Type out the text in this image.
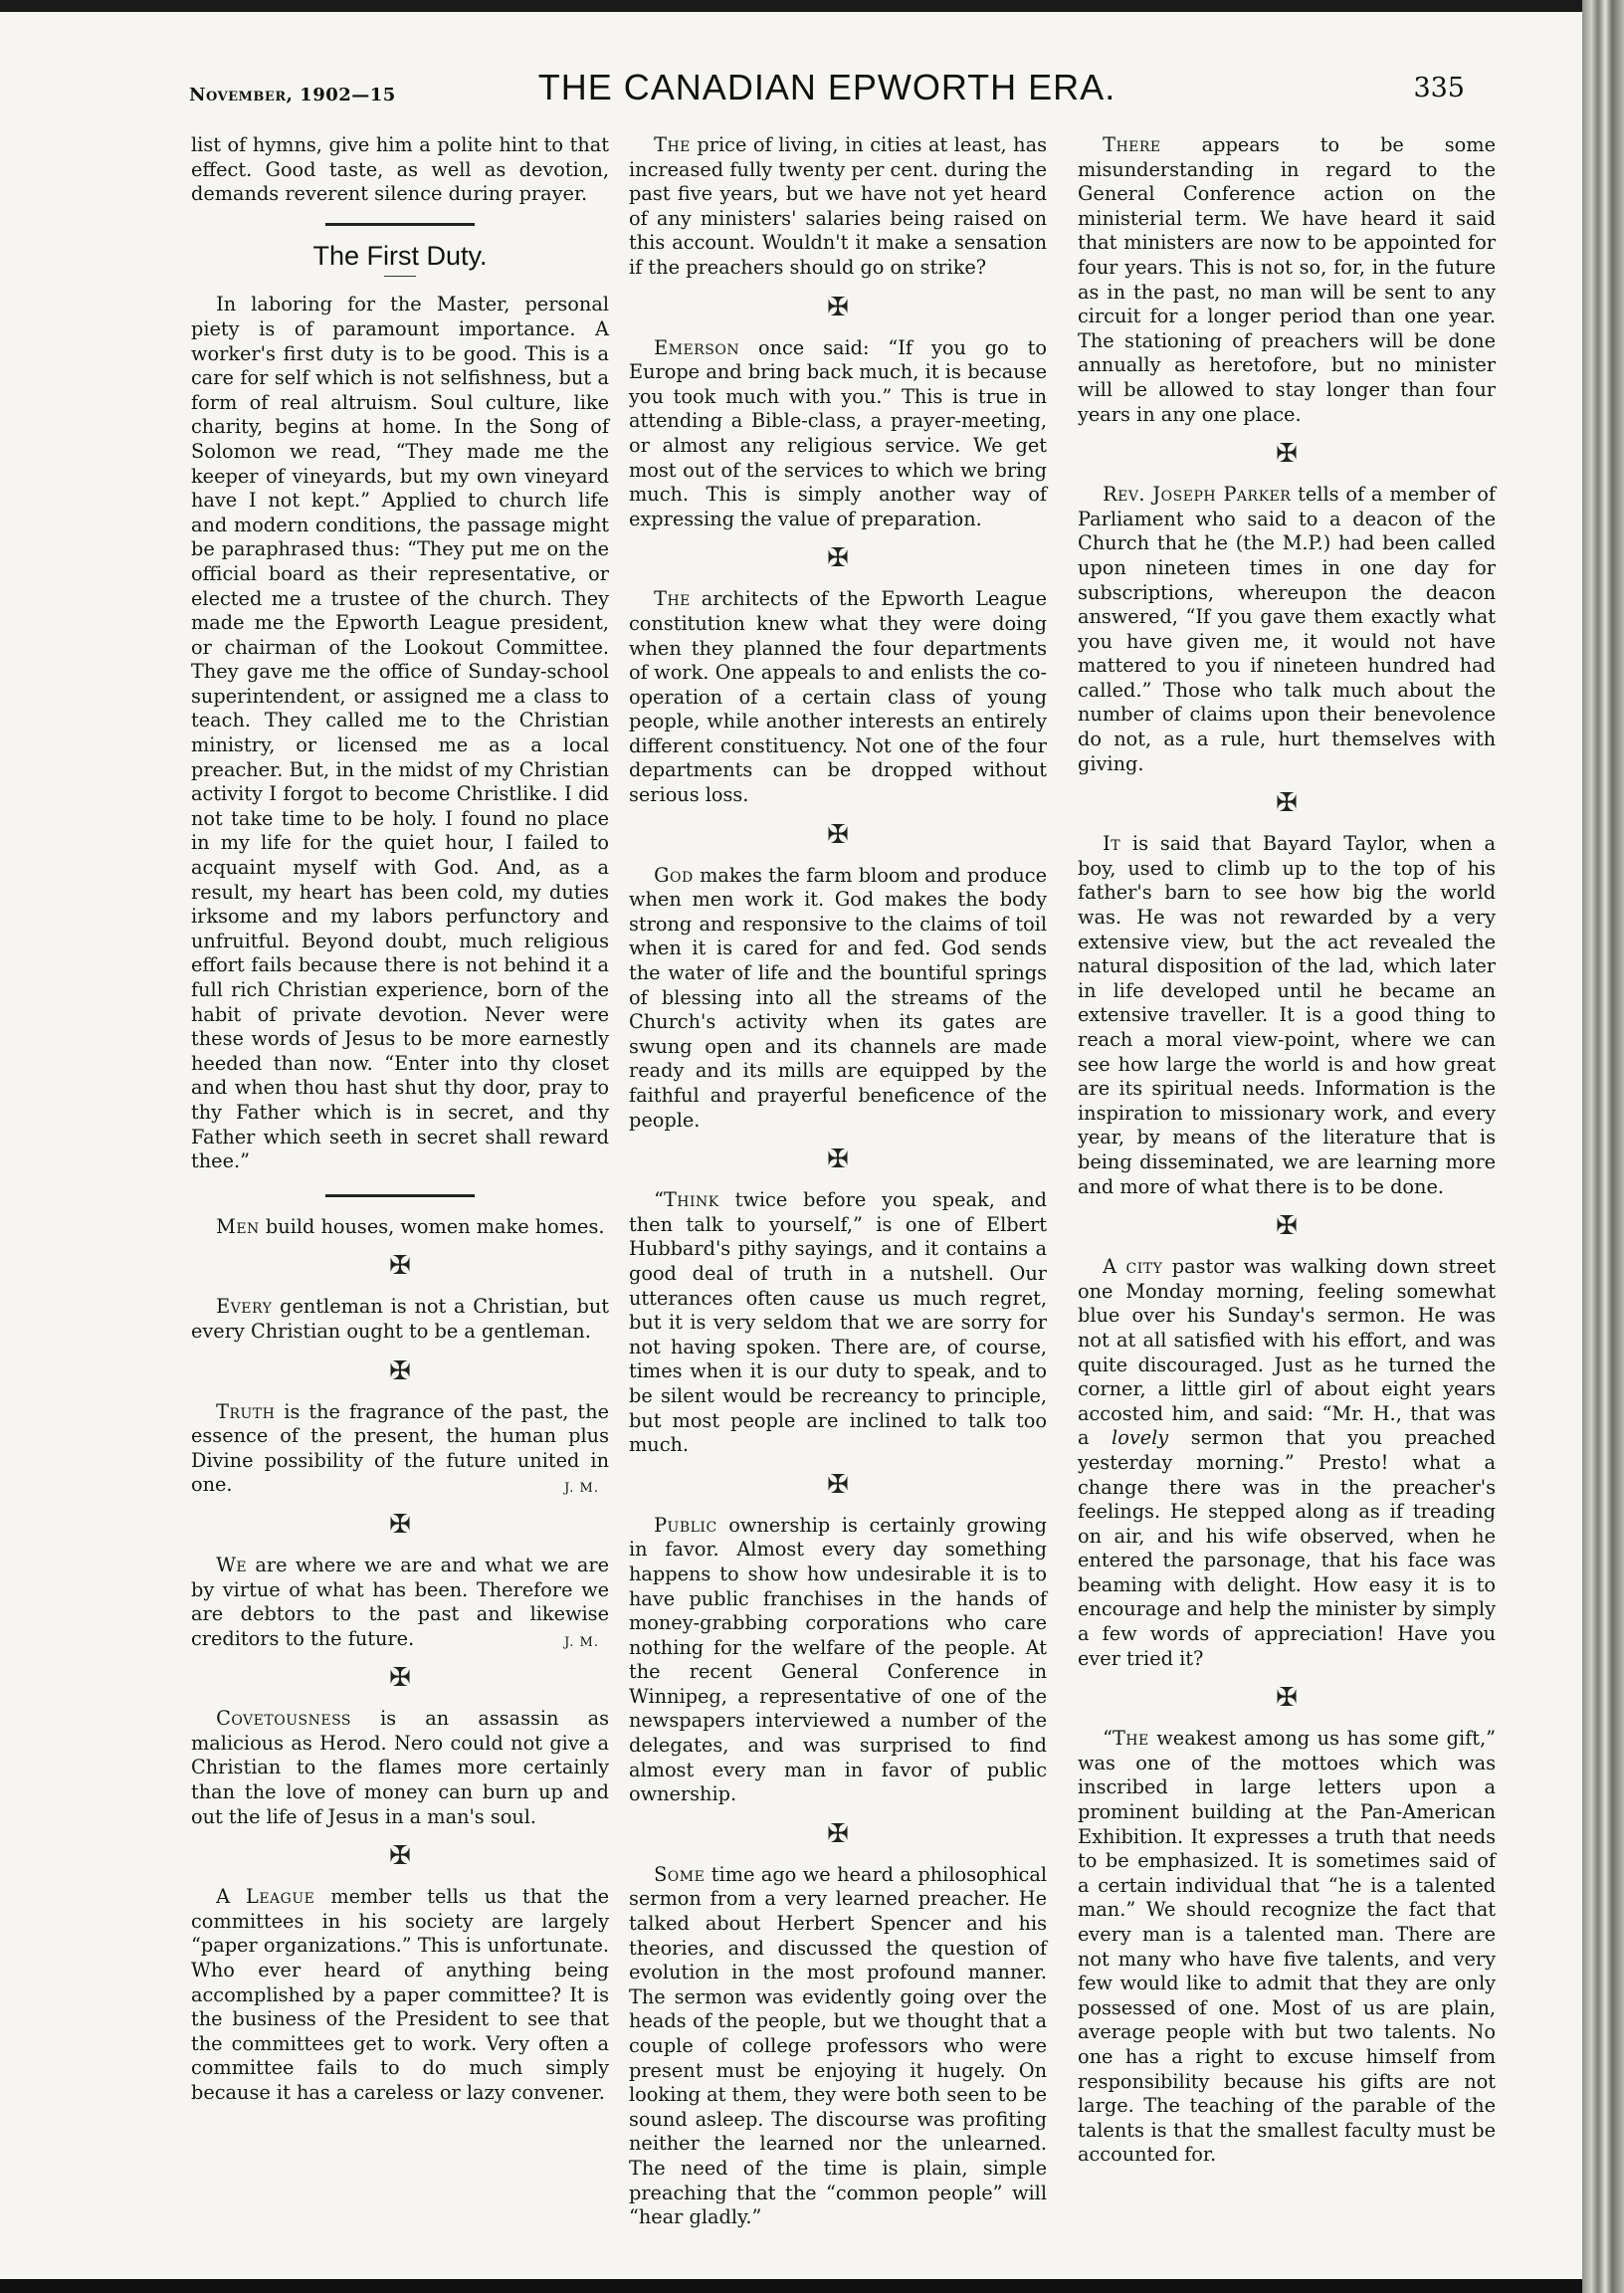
November, 1902—15	THE CANADIAN EPWORTH ERA.	335

list of hymns, give him a polite hint to that effect. Good taste, as well as devotion, demands reverent silence during prayer.

The First Duty.

In laboring for the Master, personal piety is of paramount importance. A worker's first duty is to be good. This is a care for self which is not selfishness, but a form of real altruism. Soul culture, like charity, begins at home. In the Song of Solomon we read, “They made me the keeper of vineyards, but my own vineyard have I not kept.” Applied to church life and modern conditions, the passage might be paraphrased thus: “They put me on the official board as their representative, or elected me a trustee of the church. They made me the Epworth League president, or chairman of the Lookout Committee. They gave me the office of Sunday-school superintendent, or assigned me a class to teach. They called me to the Christian ministry, or licensed me as a local preacher. But, in the midst of my Christian activity I forgot to become Christlike. I did not take time to be holy. I found no place in my life for the quiet hour, I failed to acquaint myself with God. And, as a result, my heart has been cold, my duties irksome and my labors perfunctory and unfruitful. Beyond doubt, much religious effort fails because there is not behind it a full rich Christian experience, born of the habit of private devotion. Never were these words of Jesus to be more earnestly heeded than now. “Enter into thy closet and when thou hast shut thy door, pray to thy Father which is in secret, and thy Father which seeth in secret shall reward thee.”

Men build houses, women make homes.

✠

Every gentleman is not a Christian, but every Christian ought to be a gentleman.

✠

Truth is the fragrance of the past, the essence of the present, the human plus Divine possibility of the future united in one.	J. M.

✠

We are where we are and what we are by virtue of what has been. Therefore we are debtors to the past and likewise creditors to the future.	J. M.

✠

Covetousness is an assassin as malicious as Herod. Nero could not give a Christian to the flames more certainly than the love of money can burn up and out the life of Jesus in a man's soul.

✠

A League member tells us that the committees in his society are largely “paper organizations.” This is unfortunate. Who ever heard of anything being accomplished by a paper committee? It is the business of the President to see that the committees get to work. Very often a committee fails to do much simply because it has a careless or lazy convener.

The price of living, in cities at least, has increased fully twenty per cent. during the past five years, but we have not yet heard of any ministers' salaries being raised on this account. Wouldn't it make a sensation if the preachers should go on strike?

✠

Emerson once said: “If you go to Europe and bring back much, it is because you took much with you.” This is true in attending a Bible-class, a prayer-meeting, or almost any religious service. We get most out of the services to which we bring much. This is simply another way of expressing the value of preparation.

✠

The architects of the Epworth League constitution knew what they were doing when they planned the four departments of work. One appeals to and enlists the co-operation of a certain class of young people, while another interests an entirely different constituency. Not one of the four departments can be dropped without serious loss.

✠

God makes the farm bloom and produce when men work it. God makes the body strong and responsive to the claims of toil when it is cared for and fed. God sends the water of life and the bountiful springs of blessing into all the streams of the Church's activity when its gates are swung open and its channels are made ready and its mills are equipped by the faithful and prayerful beneficence of the people.

✠

“Think twice before you speak, and then talk to yourself,” is one of Elbert Hubbard's pithy sayings, and it contains a good deal of truth in a nutshell. Our utterances often cause us much regret, but it is very seldom that we are sorry for not having spoken. There are, of course, times when it is our duty to speak, and to be silent would be recreancy to principle, but most people are inclined to talk too much.

✠

Public ownership is certainly growing in favor. Almost every day something happens to show how undesirable it is to have public franchises in the hands of money-grabbing corporations who care nothing for the welfare of the people. At the recent General Conference in Winnipeg, a representative of one of the newspapers interviewed a number of the delegates, and was surprised to find almost every man in favor of public ownership.

✠

Some time ago we heard a philosophical sermon from a very learned preacher. He talked about Herbert Spencer and his theories, and discussed the question of evolution in the most profound manner. The sermon was evidently going over the heads of the people, but we thought that a couple of college professors who were present must be enjoying it hugely. On looking at them, they were both seen to be sound asleep. The discourse was profiting neither the learned nor the unlearned. The need of the time is plain, simple preaching that the “common people” will “hear gladly.”

There appears to be some misunderstanding in regard to the General Conference action on the ministerial term. We have heard it said that ministers are now to be appointed for four years. This is not so, for, in the future as in the past, no man will be sent to any circuit for a longer period than one year. The stationing of preachers will be done annually as heretofore, but no minister will be allowed to stay longer than four years in any one place.

✠

Rev. Joseph Parker tells of a member of Parliament who said to a deacon of the Church that he (the M.P.) had been called upon nineteen times in one day for subscriptions, whereupon the deacon answered, “If you gave them exactly what you have given me, it would not have mattered to you if nineteen hundred had called.” Those who talk much about the number of claims upon their benevolence do not, as a rule, hurt themselves with giving.

✠

It is said that Bayard Taylor, when a boy, used to climb up to the top of his father's barn to see how big the world was. He was not rewarded by a very extensive view, but the act revealed the natural disposition of the lad, which later in life developed until he became an extensive traveller. It is a good thing to reach a moral view-point, where we can see how large the world is and how great are its spiritual needs. Information is the inspiration to missionary work, and every year, by means of the literature that is being disseminated, we are learning more and more of what there is to be done.

✠

A city pastor was walking down street one Monday morning, feeling somewhat blue over his Sunday's sermon. He was not at all satisfied with his effort, and was quite discouraged. Just as he turned the corner, a little girl of about eight years accosted him, and said: “Mr. H., that was a lovely sermon that you preached yesterday morning.” Presto! what a change there was in the preacher's feelings. He stepped along as if treading on air, and his wife observed, when he entered the parsonage, that his face was beaming with delight. How easy it is to encourage and help the minister by simply a few words of appreciation! Have you ever tried it?

✠

“The weakest among us has some gift,” was one of the mottoes which was inscribed in large letters upon a prominent building at the Pan-American Exhibition. It expresses a truth that needs to be emphasized. It is sometimes said of a certain individual that “he is a talented man.” We should recognize the fact that every man is a talented man. There are not many who have five talents, and very few would like to admit that they are only possessed of one. Most of us are plain, average people with but two talents. No one has a right to excuse himself from responsibility because his gifts are not large. The teaching of the parable of the talents is that the smallest faculty must be accounted for.
